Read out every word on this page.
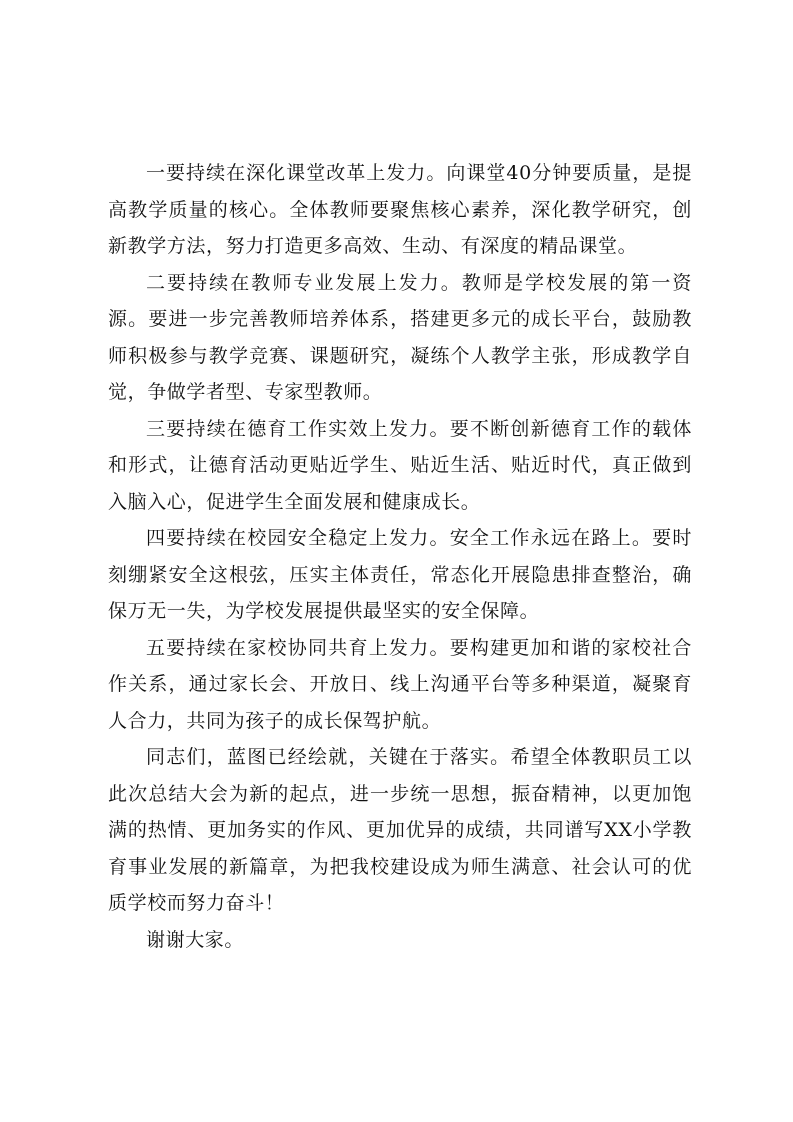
一要持续在深化课堂改革上发力。向课堂40分钟要质量，是提高教学质量的核心。全体教师要聚焦核心素养，深化教学研究，创新教学方法，努力打造更多高效、生动、有深度的精品课堂。

二要持续在教师专业发展上发力。教师是学校发展的第一资源。要进一步完善教师培养体系，搭建更多元的成长平台，鼓励教师积极参与教学竞赛、课题研究，凝练个人教学主张，形成教学自觉，争做学者型、专家型教师。

三要持续在德育工作实效上发力。要不断创新德育工作的载体和形式，让德育活动更贴近学生、贴近生活、贴近时代，真正做到入脑入心，促进学生全面发展和健康成长。

四要持续在校园安全稳定上发力。安全工作永远在路上。要时刻绷紧安全这根弦，压实主体责任，常态化开展隐患排查整治，确保万无一失，为学校发展提供最坚实的安全保障。

五要持续在家校协同共育上发力。要构建更加和谐的家校社合作关系，通过家长会、开放日、线上沟通平台等多种渠道，凝聚育人合力，共同为孩子的成长保驾护航。

同志们，蓝图已经绘就，关键在于落实。希望全体教职员工以此次总结大会为新的起点，进一步统一思想，振奋精神，以更加饱满的热情、更加务实的作风、更加优异的成绩，共同谱写XX小学教育事业发展的新篇章，为把我校建设成为师生满意、社会认可的优质学校而努力奋斗！

谢谢大家。
